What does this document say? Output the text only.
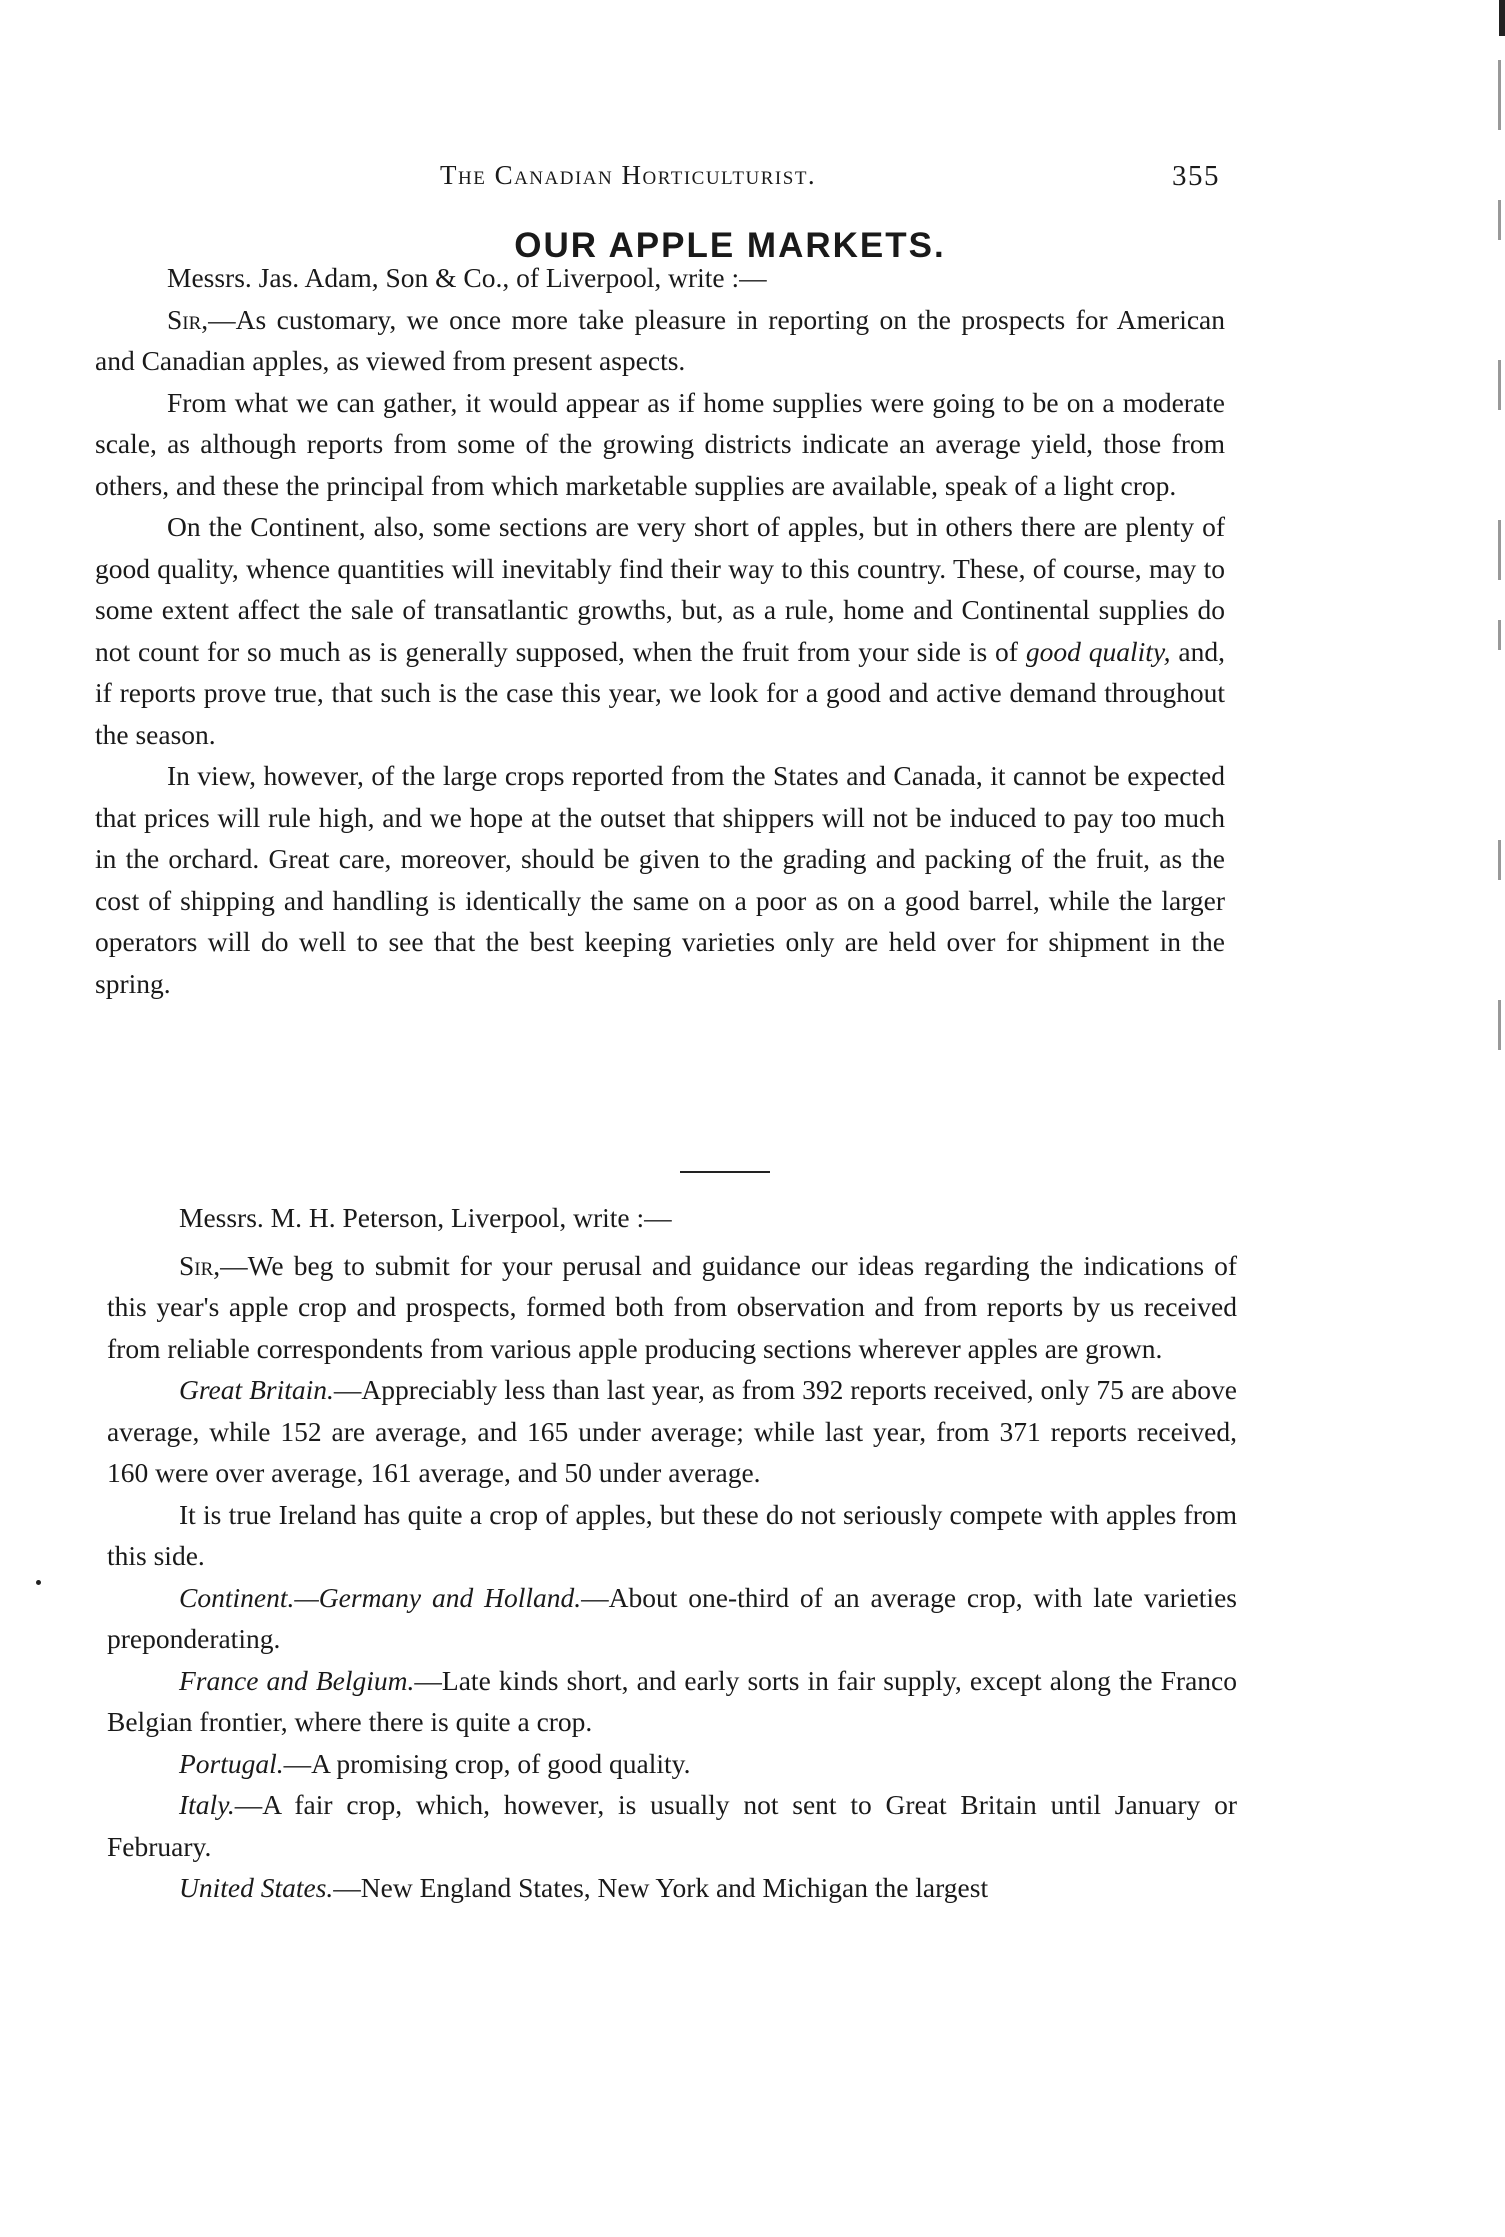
The Canadian Horticulturist.	355
OUR APPLE MARKETS.

Messrs. Jas. Adam, Son & Co., of Liverpool, write :—

Sir,—As customary, we once more take pleasure in reporting on the prospects for American and Canadian apples, as viewed from present aspects.

From what we can gather, it would appear as if home supplies were going to be on a moderate scale, as although reports from some of the growing districts indicate an average yield, those from others, and these the principal from which marketable supplies are available, speak of a light crop.

On the Continent, also, some sections are very short of apples, but in others there are plenty of good quality, whence quantities will inevitably find their way to this country. These, of course, may to some extent affect the sale of transatlantic growths, but, as a rule, home and Continental supplies do not count for so much as is generally supposed, when the fruit from your side is of good quality, and, if reports prove true, that such is the case this year, we look for a good and active demand throughout the season.

In view, however, of the large crops reported from the States and Canada, it cannot be expected that prices will rule high, and we hope at the outset that shippers will not be induced to pay too much in the orchard. Great care, moreover, should be given to the grading and packing of the fruit, as the cost of shipping and handling is identically the same on a poor as on a good barrel, while the larger operators will do well to see that the best keeping varieties only are held over for shipment in the spring.

Messrs. M. H. Peterson, Liverpool, write :—

Sir,—We beg to submit for your perusal and guidance our ideas regarding the indications of this year's apple crop and prospects, formed both from observation and from reports by us received from reliable correspondents from various apple producing sections wherever apples are grown.

Great Britain.—Appreciably less than last year, as from 392 reports received, only 75 are above average, while 152 are average, and 165 under average; while last year, from 371 reports received, 160 were over average, 161 average, and 50 under average.

It is true Ireland has quite a crop of apples, but these do not seriously compete with apples from this side.

Continent.—Germany and Holland.—About one-third of an average crop, with late varieties preponderating.

France and Belgium.—Late kinds short, and early sorts in fair supply, except along the Franco Belgian frontier, where there is quite a crop.

Portugal.—A promising crop, of good quality.

Italy.—A fair crop, which, however, is usually not sent to Great Britain until January or February.

United States.—New England States, New York and Michigan the largest
